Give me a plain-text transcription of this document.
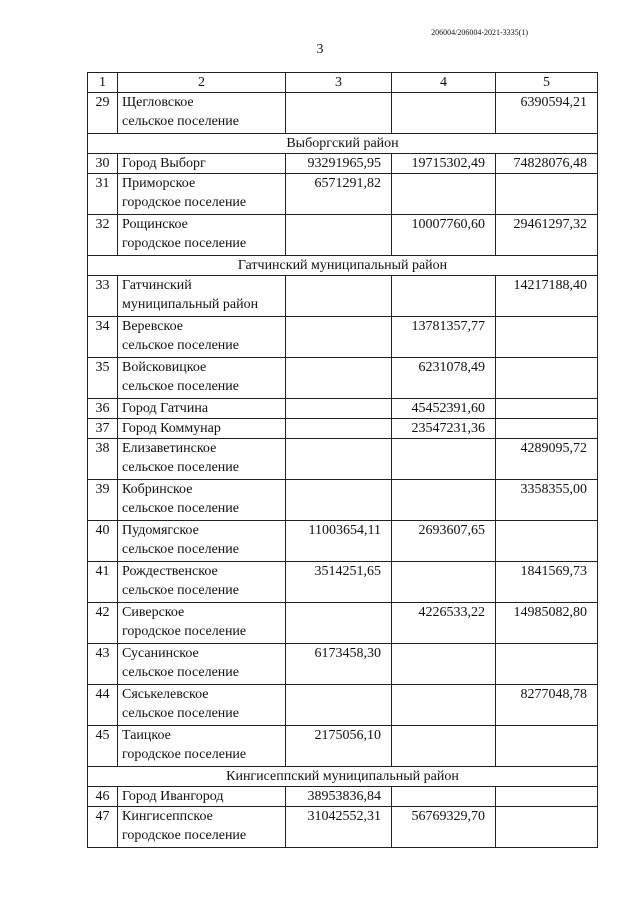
206004/206004-2021-3335(1)
3
1	2	3	4	5
29	Щегловское
сельское поселение			6390594,21
Выборгский район				
30	Город Выборг	93291965,95	19715302,49	74828076,48
31	Приморское
городское поселение	6571291,82		
32	Рощинское
городское поселение		10007760,60	29461297,32
Гатчинский муниципальный район				
33	Гатчинский
муниципальный район			14217188,40
34	Веревское
сельское поселение		13781357,77	
35	Войсковицкое
сельское поселение		6231078,49	
36	Город Гатчина		45452391,60	
37	Город Коммунар		23547231,36	
38	Елизаветинское
сельское поселение			4289095,72
39	Кобринское
сельское поселение			3358355,00
40	Пудомягское
сельское поселение	11003654,11	2693607,65	
41	Рождественское
сельское поселение	3514251,65		1841569,73
42	Сиверское
городское поселение		4226533,22	14985082,80
43	Сусанинское
сельское поселение	6173458,30		
44	Сяськелевское
сельское поселение			8277048,78
45	Таицкое
городское поселение	2175056,10		
Кингисеппский муниципальный район				
46	Город Ивангород	38953836,84		
47	Кингисеппское
городское поселение	31042552,31	56769329,70	
